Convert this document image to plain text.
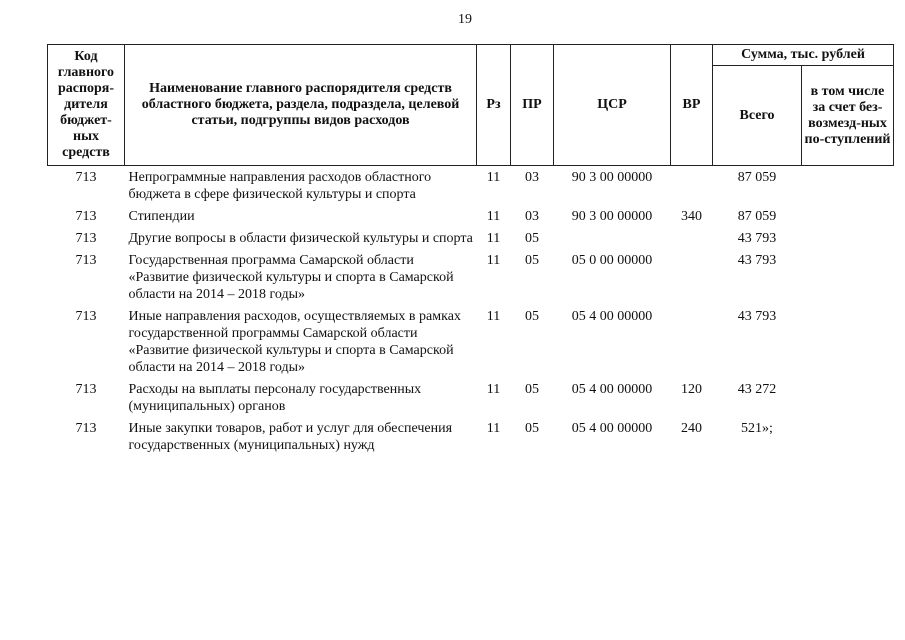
19
Код главного распоря-дителя бюджет-ных средств	Наименование главного распорядителя средств областного бюджета, раздела, подраздела, целевой статьи, подгруппы видов расходов	Рз	ПР	ЦСР	ВР	Сумма, тыс. рублей	
						Всего	в том числе за счет без-возмезд-ных по-ступлений
713	Непрограммные направления расходов областного бюджета в сфере физической культуры и спорта	11	03	90 3 00 00000		87 059	
713	Стипендии	11	03	90 3 00 00000	340	87 059	
713	Другие вопросы в области физической культуры и спорта	11	05			43 793	
713	Государственная программа Самарской области «Развитие физической культуры и спорта в Самарской области на 2014 – 2018 годы»	11	05	05 0 00 00000		43 793	
713	Иные направления расходов, осуществляемых в рамках государственной программы Самарской области «Развитие физической культуры и спорта в Самарской области на 2014 – 2018 годы»	11	05	05 4 00 00000		43 793	
713	Расходы на выплаты персоналу государственных (муниципальных) органов	11	05	05 4 00 00000	120	43 272	
713	Иные закупки товаров, работ и услуг для обеспечения государственных (муниципальных) нужд	11	05	05 4 00 00000	240	521»;	
